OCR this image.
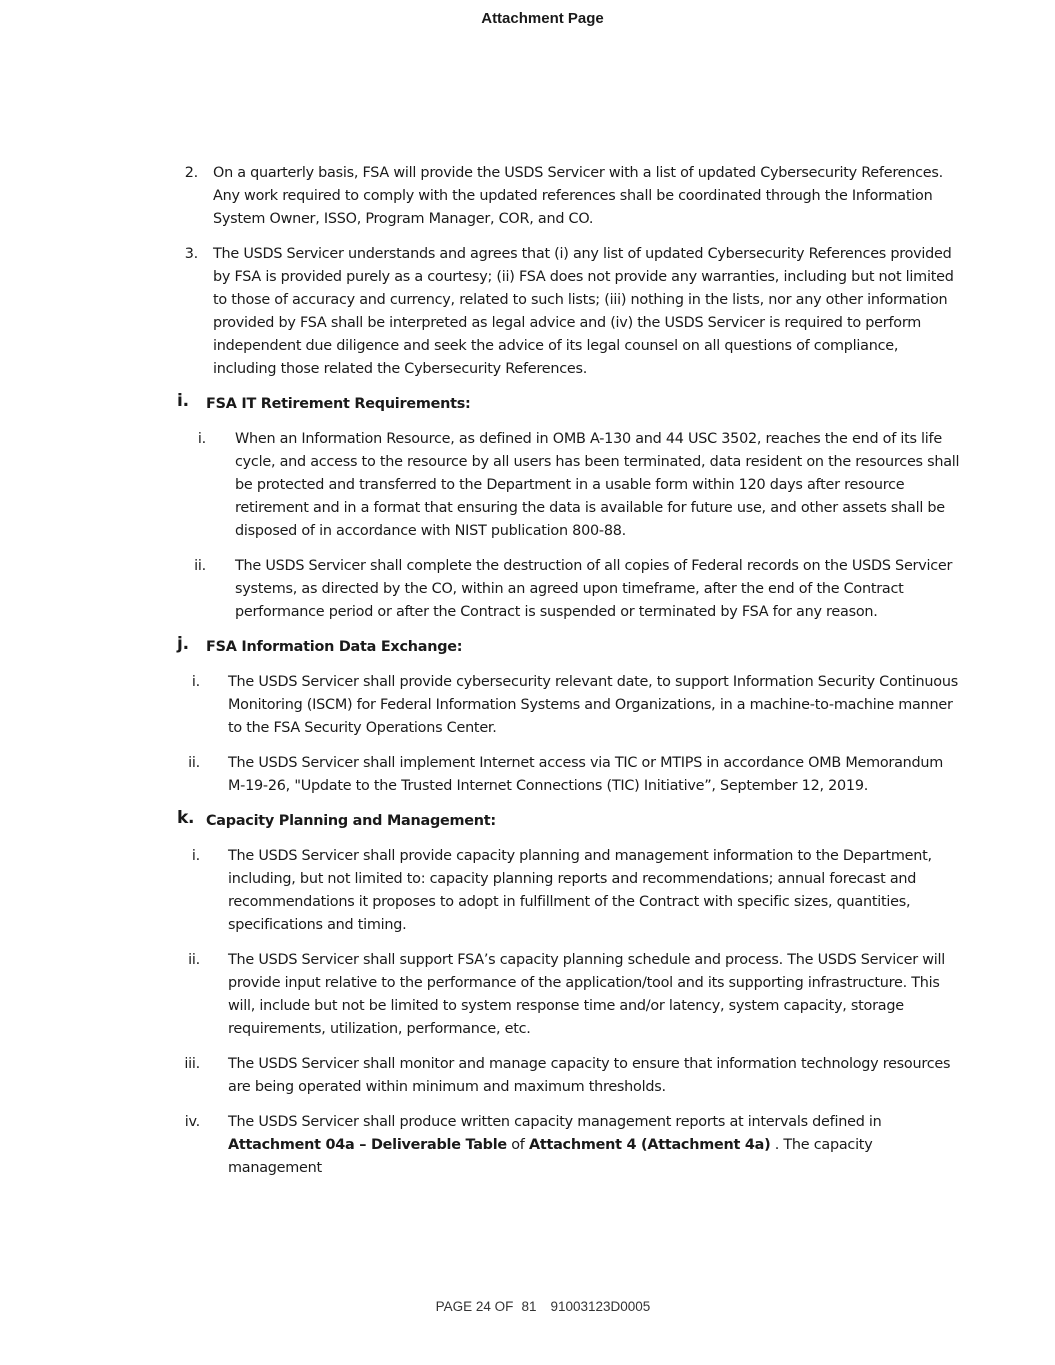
Attachment Page
2. On a quarterly basis, FSA will provide the USDS Servicer with a list of updated Cybersecurity References. Any work required to comply with the updated references shall be coordinated through the Information System Owner, ISSO, Program Manager, COR, and CO.
3. The USDS Servicer understands and agrees that (i) any list of updated Cybersecurity References provided by FSA is provided purely as a courtesy; (ii) FSA does not provide any warranties, including but not limited to those of accuracy and currency, related to such lists; (iii) nothing in the lists, nor any other information provided by FSA shall be interpreted as legal advice and (iv) the USDS Servicer is required to perform independent due diligence and seek the advice of its legal counsel on all questions of compliance, including those related the Cybersecurity References.
i. FSA IT Retirement Requirements:
i. When an Information Resource, as defined in OMB A-130 and 44 USC 3502, reaches the end of its life cycle, and access to the resource by all users has been terminated, data resident on the resources shall be protected and transferred to the Department in a usable form within 120 days after resource retirement and in a format that ensuring the data is available for future use, and other assets shall be disposed of in accordance with NIST publication 800-88.
ii. The USDS Servicer shall complete the destruction of all copies of Federal records on the USDS Servicer systems, as directed by the CO, within an agreed upon timeframe, after the end of the Contract performance period or after the Contract is suspended or terminated by FSA for any reason.
j. FSA Information Data Exchange:
i. The USDS Servicer shall provide cybersecurity relevant date, to support Information Security Continuous Monitoring (ISCM) for Federal Information Systems and Organizations, in a machine-to-machine manner to the FSA Security Operations Center.
ii. The USDS Servicer shall implement Internet access via TIC or MTIPS in accordance OMB Memorandum M-19-26, "Update to the Trusted Internet Connections (TIC) Initiative”, September 12, 2019.
k. Capacity Planning and Management:
i. The USDS Servicer shall provide capacity planning and management information to the Department, including, but not limited to: capacity planning reports and recommendations; annual forecast and recommendations it proposes to adopt in fulfillment of the Contract with specific sizes, quantities, specifications and timing.
ii. The USDS Servicer shall support FSA’s capacity planning schedule and process. The USDS Servicer will provide input relative to the performance of the application/tool and its supporting infrastructure. This will, include but not be limited to system response time and/or latency, system capacity, storage requirements, utilization, performance, etc.
iii. The USDS Servicer shall monitor and manage capacity to ensure that information technology resources are being operated within minimum and maximum thresholds.
iv. The USDS Servicer shall produce written capacity management reports at intervals defined in Attachment 04a – Deliverable Table of Attachment 4 (Attachment 4a) . The capacity management
PAGE 24 OF 81 91003123D0005
